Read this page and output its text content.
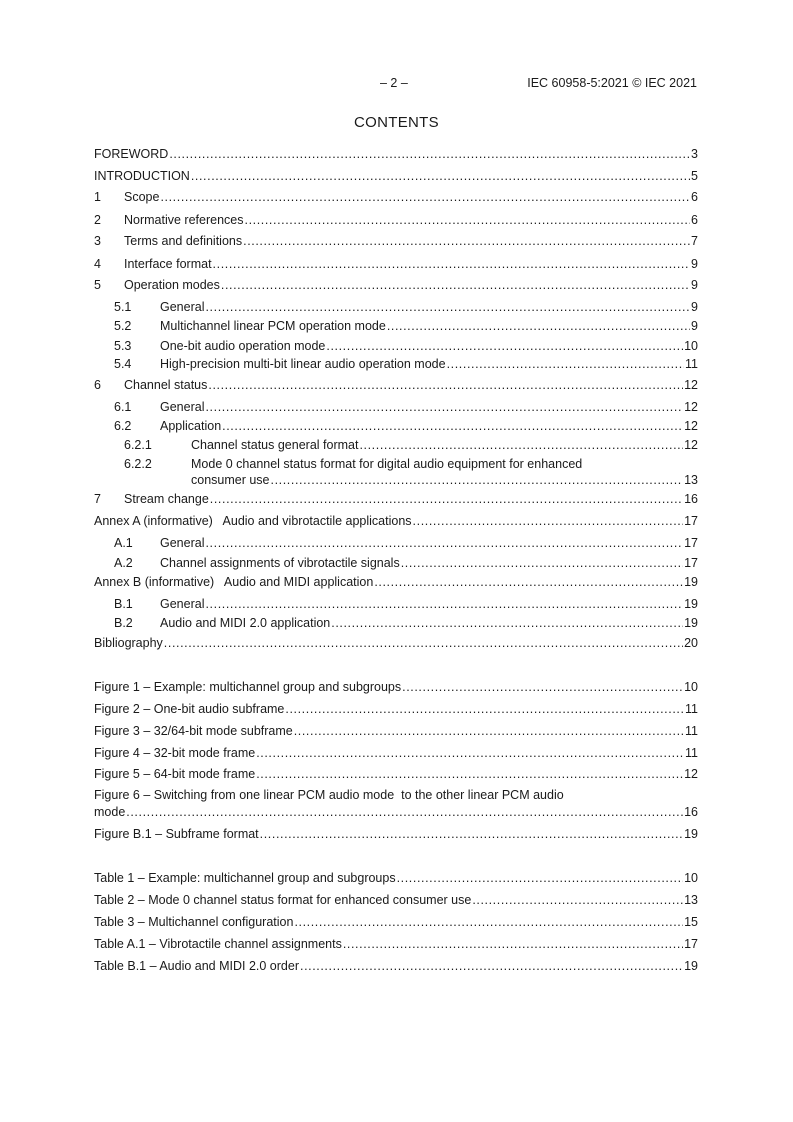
– 2 –	IEC 60958-5:2021 © IEC 2021
CONTENTS
FOREWORD .....	3
INTRODUCTION .....	5
1	Scope .....	6
2	Normative references .....	6
3	Terms and definitions .....	7
4	Interface format .....	9
5	Operation modes .....	9
5.1	General .....	9
5.2	Multichannel linear PCM operation mode .....	9
5.3	One-bit audio operation mode .....	10
5.4	High-precision multi-bit linear audio operation mode .....	11
6	Channel status .....	12
6.1	General .....	12
6.2	Application .....	12
6.2.1	Channel status general format .....	12
6.2.2	Mode 0 channel status format for digital audio equipment for enhanced
consumer use .....	13
7	Stream change .....	16
Annex A (informative)   Audio and vibrotactile applications .....	17
A.1	General .....	17
A.2	Channel assignments of vibrotactile signals .....	17
Annex B (informative)   Audio and MIDI application .....	19
B.1	General .....	19
B.2	Audio and MIDI 2.0 application .....	19
Bibliography .....	20
Figure 1 – Example: multichannel group and subgroups .....	10
Figure 2 – One-bit audio subframe .....	11
Figure 3 – 32/64-bit mode subframe .....	11
Figure 4 – 32-bit mode frame .....	11
Figure 5 – 64-bit mode frame .....	12
Figure 6 – Switching from one linear PCM audio mode  to the other linear PCM audio
mode .....	16
Figure B.1 – Subframe format .....	19
Table 1 – Example: multichannel group and subgroups .....	10
Table 2 – Mode 0 channel status format for enhanced consumer use .....	13
Table 3 – Multichannel configuration .....	15
Table A.1 – Vibrotactile channel assignments .....	17
Table B.1 – Audio and MIDI 2.0 order .....	19
